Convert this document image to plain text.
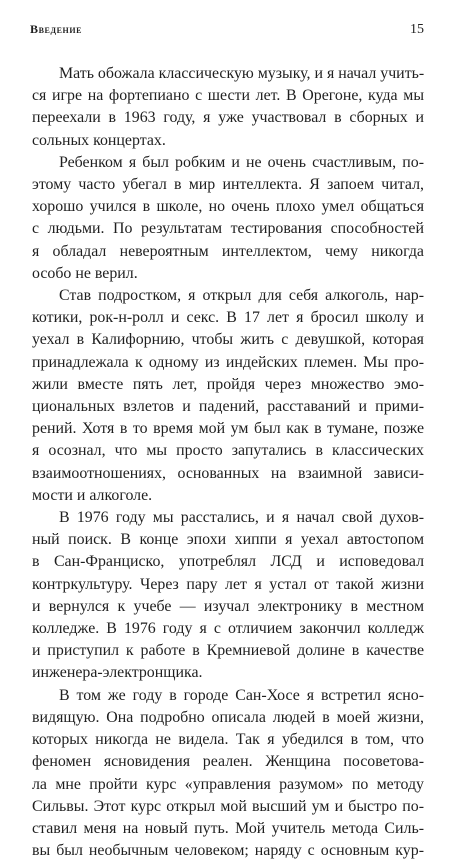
Введение	15

Мать обожала классическую музыку, и я начал учить-
ся игре на фортепиано с шести лет. В Орегоне, куда мы
переехали в 1963 году, я уже участвовал в сборных и
сольных концертах.

Ребенком я был робким и не очень счастливым, по-
этому часто убегал в мир интеллекта. Я запоем читал,
хорошо учился в школе, но очень плохо умел общаться
с людьми. По результатам тестирования способностей
я обладал невероятным интеллектом, чему никогда
особо не верил.

Став подростком, я открыл для себя алкоголь, нар-
котики, рок-н-ролл и секс. В 17 лет я бросил школу и
уехал в Калифорнию, чтобы жить с девушкой, которая
принадлежала к одному из индейских племен. Мы про-
жили вместе пять лет, пройдя через множество эмо-
циональных взлетов и падений, расставаний и прими-
рений. Хотя в то время мой ум был как в тумане, позже
я осознал, что мы просто запутались в классических
взаимоотношениях, основанных на взаимной зависи-
мости и алкоголе.

В 1976 году мы расстались, и я начал свой духов-
ный поиск. В конце эпохи хиппи я уехал автостопом
в Сан-Франциско, употреблял ЛСД и исповедовал
контркультуру. Через пару лет я устал от такой жизни
и вернулся к учебе — изучал электронику в местном
колледже. В 1976 году я с отличием закончил колледж
и приступил к работе в Кремниевой долине в качестве
инженера-электронщика.

В том же году в городе Сан-Хосе я встретил ясно-
видящую. Она подробно описала людей в моей жизни,
которых никогда не видела. Так я убедился в том, что
феномен ясновидения реален. Женщина посоветова-
ла мне пройти курс «управления разумом» по методу
Сильвы. Этот курс открыл мой высший ум и быстро по-
ставил меня на новый путь. Мой учитель метода Силь-
вы был необычным человеком; наряду с основным кур-
